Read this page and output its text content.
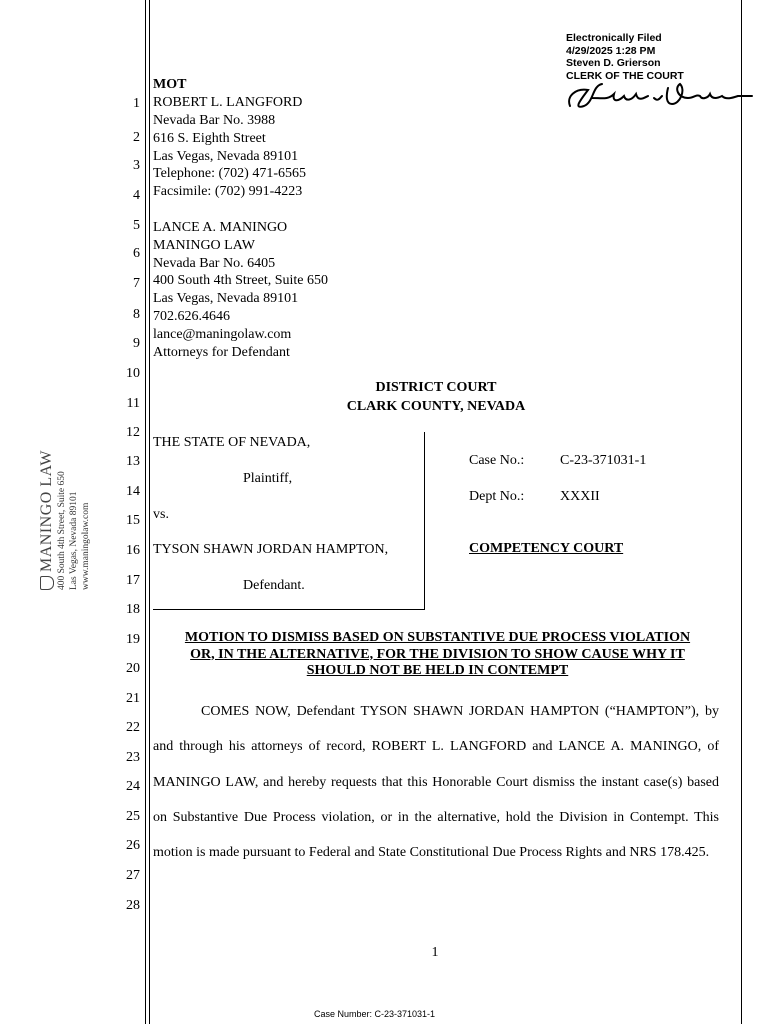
MANINGO LAW 400 South 4th Street, Suite 650 Las Vegas, Nevada 89101 www.maningolaw.com
1
2
3
4
5
6
7
8
9
10
11
12
13
14
15
16
17
18
19
20
21
22
23
24
25
26
27
28
Electronically Filed
4/29/2025 1:28 PM
Steven D. Grierson
CLERK OF THE COURT
MOT
ROBERT L. LANGFORD
Nevada Bar No. 3988
616 S. Eighth Street
Las Vegas, Nevada 89101
Telephone: (702) 471-6565
Facsimile: (702) 991-4223
LANCE A. MANINGO
MANINGO LAW
Nevada Bar No. 6405
400 South 4th Street, Suite 650
Las Vegas, Nevada 89101
702.626.4646
lance@maningolaw.com
Attorneys for Defendant
DISTRICT COURT
CLARK COUNTY, NEVADA
THE STATE OF NEVADA,
Plaintiff,
vs.
TYSON SHAWN JORDAN HAMPTON,
Defendant.
Case No.:	C-23-371031-1
Dept No.:	XXXII
COMPETENCY COURT
MOTION TO DISMISS BASED ON SUBSTANTIVE DUE PROCESS VIOLATION
OR, IN THE ALTERNATIVE, FOR THE DIVISION TO SHOW CAUSE WHY IT
SHOULD NOT BE HELD IN CONTEMPT
COMES NOW, Defendant TYSON SHAWN JORDAN HAMPTON (“HAMPTON”), by and through his attorneys of record, ROBERT L. LANGFORD and LANCE A. MANINGO, of MANINGO LAW, and hereby requests that this Honorable Court dismiss the instant case(s) based on Substantive Due Process violation, or in the alternative, hold the Division in Contempt. This motion is made pursuant to Federal and State Constitutional Due Process Rights and NRS 178.425.
1
Case Number: C-23-371031-1
